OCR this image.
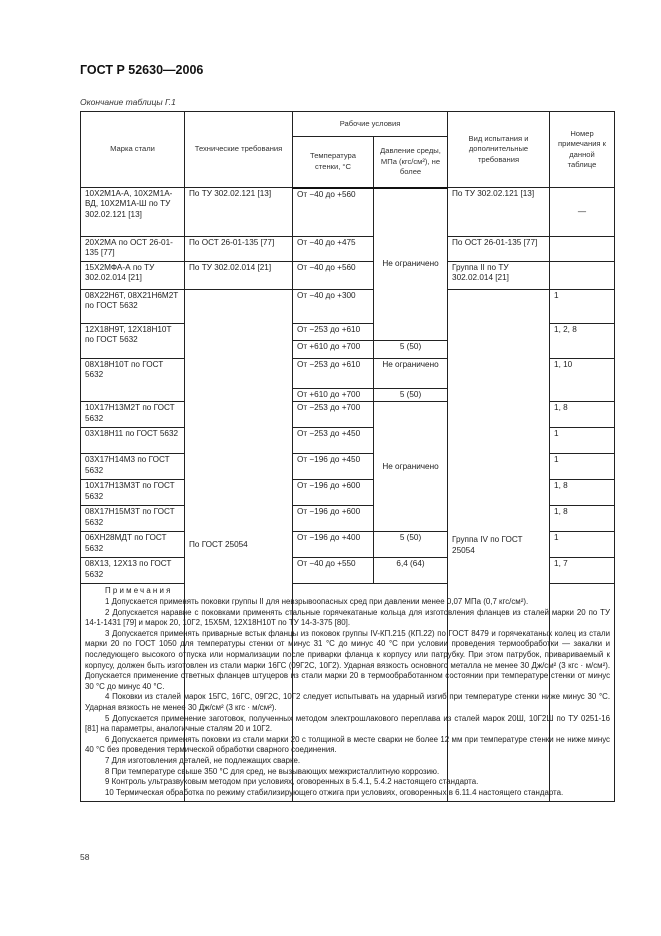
ГОСТ Р 52630—2006
Окончание таблицы Г.1
Марка стали	Технические требования	Рабочие условия		Вид испытания и дополнительные требования	Номер примечания к данной таблице
		Температура стенки, °С	Давление среды, МПа (кгс/см²), не более		
10Х2М1А-А, 10Х2М1А-ВД, 10Х2М1А-Ш по ТУ 302.02.121 [13]	По ТУ 302.02.121 [13]	От −40 до +560	Не ограничено	По ТУ 302.02.121 [13]	—
20Х2МА по ОСТ 26-01-135 [77]	По ОСТ 26-01-135 [77]	От −40 до +475		По ОСТ 26-01-135 [77]	
15Х2МФА-А по ТУ 302.02.014 [21]	По ТУ 302.02.014 [21]	От −40 до +560		Группа II по ТУ 302.02.014 [21]	
08Х22Н6Т, 08Х21Н6М2Т по ГОСТ 5632	По ГОСТ 25054	От −40 до +300		Группа IV по ГОСТ 25054	1
12Х18Н9Т, 12Х18Н10Т по ГОСТ 5632		От −253 до +610			1, 2, 8
		От +610 до +700	5 (50)		
08Х18Н10Т по ГОСТ 5632		От −253 до +610	Не ограничено		1, 10
		От +610 до +700	5 (50)		
10Х17Н13М2Т по ГОСТ 5632		От −253 до +700	Не ограничено		1, 8
03Х18Н11 по ГОСТ 5632		От −253 до +450			1
03Х17Н14М3 по ГОСТ 5632		От −196 до +450			1
10Х17Н13М3Т по ГОСТ 5632		От −196 до +600			1, 8
08Х17Н15М3Т по ГОСТ 5632		От −196 до +600			1, 8
06ХН28МДТ по ГОСТ 5632		От −196 до +400	5 (50)		1
08Х13, 12Х13 по ГОСТ 5632		От −40 до +550	6,4 (64)		1, 7

Примечания

1 Допускается применять поковки группы II для невзрывоопасных сред при давлении менее 0,07 МПа (0,7 кгс/см²).

2 Допускается наравне с поковками применять стальные горячекатаные кольца для изготовления фланцев из сталей марки 20 по ТУ 14-1-1431 [79] и марок 20, 10Г2, 15Х5М, 12Х18Н10Т по ТУ 14-3-375 [80].

3 Допускается применять приварные встык фланцы из поковок группы IV-КП.215 (КП.22) по ГОСТ 8479 и горячекатаных колец из стали марки 20 по ГОСТ 1050 для температуры стенки от минус 31 °С до минус 40 °С при условии проведения термообработки — закалки и последующего высокого отпуска или нормализации после приварки фланца к корпусу или патрубку. При этом патрубок, привариваемый к корпусу, должен быть изготовлен из стали марки 16ГС (09Г2С, 10Г2). Ударная вязкость основного металла не менее 30 Дж/см² (3 кгс · м/см²). Допускается применение ответных фланцев штуцеров из стали марки 20 в термообработанном состоянии при температуре стенки от минус 30 °С до минус 40 °С.

4 Поковки из сталей марок 15ГС, 16ГС, 09Г2С, 10Г2 следует испытывать на ударный изгиб при температуре стенки ниже минус 30 °С. Ударная вязкость не менее 30 Дж/см² (3 кгс · м/см²).

5 Допускается применение заготовок, полученных методом электрошлакового переплава из сталей марок 20Ш, 10Г2Ш по ТУ 0251-16 [81] на параметры, аналогичные сталям 20 и 10Г2.

6 Допускается применять поковки из стали марки 20 с толщиной в месте сварки не более 12 мм при температуре стенки не ниже минус 40 °С без проведения термической обработки сварного соединения.

7 Для изготовления деталей, не подлежащих сварке.

8 При температуре свыше 350 °С для сред, не вызывающих межкристаллитную коррозию.

9 Контроль ультразвуковым методом при условиях, оговоренных в 5.4.1, 5.4.2 настоящего стандарта.

10 Термическая обработка по режиму стабилизирующего отжига при условиях, оговоренных в 6.11.4 настоящего стандарта.

58
